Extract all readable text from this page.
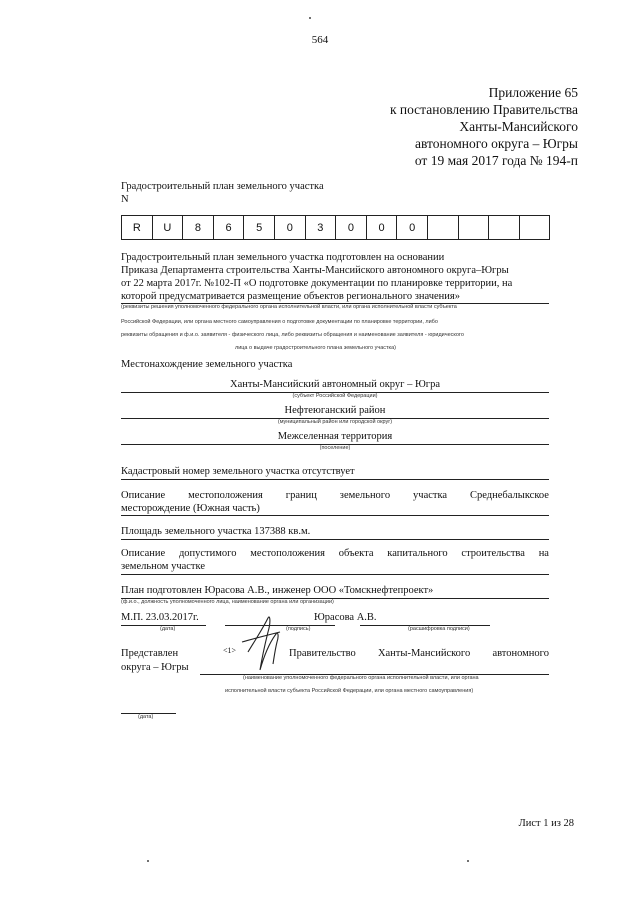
564
Приложение 65
к постановлению Правительства
Ханты-Мансийского
автономного округа – Югры
от 19 мая 2017 года № 194-п
Градостроительный план земельного участка
N
R	U	8	6	5	0	3	0	0	0
Градостроительный план земельного участка подготовлен на основании
Приказа Департамента строительства Ханты-Мансийского автономного округа–Югры
от 22 марта 2017г. №102-П «О подготовке документации по планировке территории, на
которой предусматривается размещение объектов регионального значения»
(реквизиты решения уполномоченного федерального органа исполнительной власти, или органа исполнительной власти субъекта
Российской Федерации, или органа местного самоуправления о подготовке документации по планировке территории, либо
реквизиты обращения и ф.и.о. заявителя - физического лица, либо реквизиты обращения и наименование заявителя - юридического
лица о выдаче градостроительного плана земельного участка)
Местонахождение земельного участка
Ханты-Мансийский автономный округ – Югра
(субъект Российской Федерации)
Нефтеюганский район
(муниципальный район или городской округ)
Межселенная территория
(поселение)
Кадастровый номер земельного участка отсутствует
Описание местоположения границ земельного участка Среднебалыкское
месторождение (Южная часть)
Площадь земельного участка 137388 кв.м.
Описание допустимого местоположения объекта капитального строительства на
земельном участке
План подготовлен Юрасова А.В., инженер ООО «Томскнефтепроект»
(ф.и.о., должность уполномоченного лица, наименование органа или организации)
М.П. 23.03.2017г.
(дата)	(подпись)
Юрасова А.В.
(расшифровка подписи)
Представлен	<1>	Правительство Ханты-Мансийского автономного
округа – Югры
(наименование уполномоченного федерального органа исполнительной власти, или органа
исполнительной власти субъекта Российской Федерации, или органа местного самоуправления)
(дата)
Лист 1 из 28
